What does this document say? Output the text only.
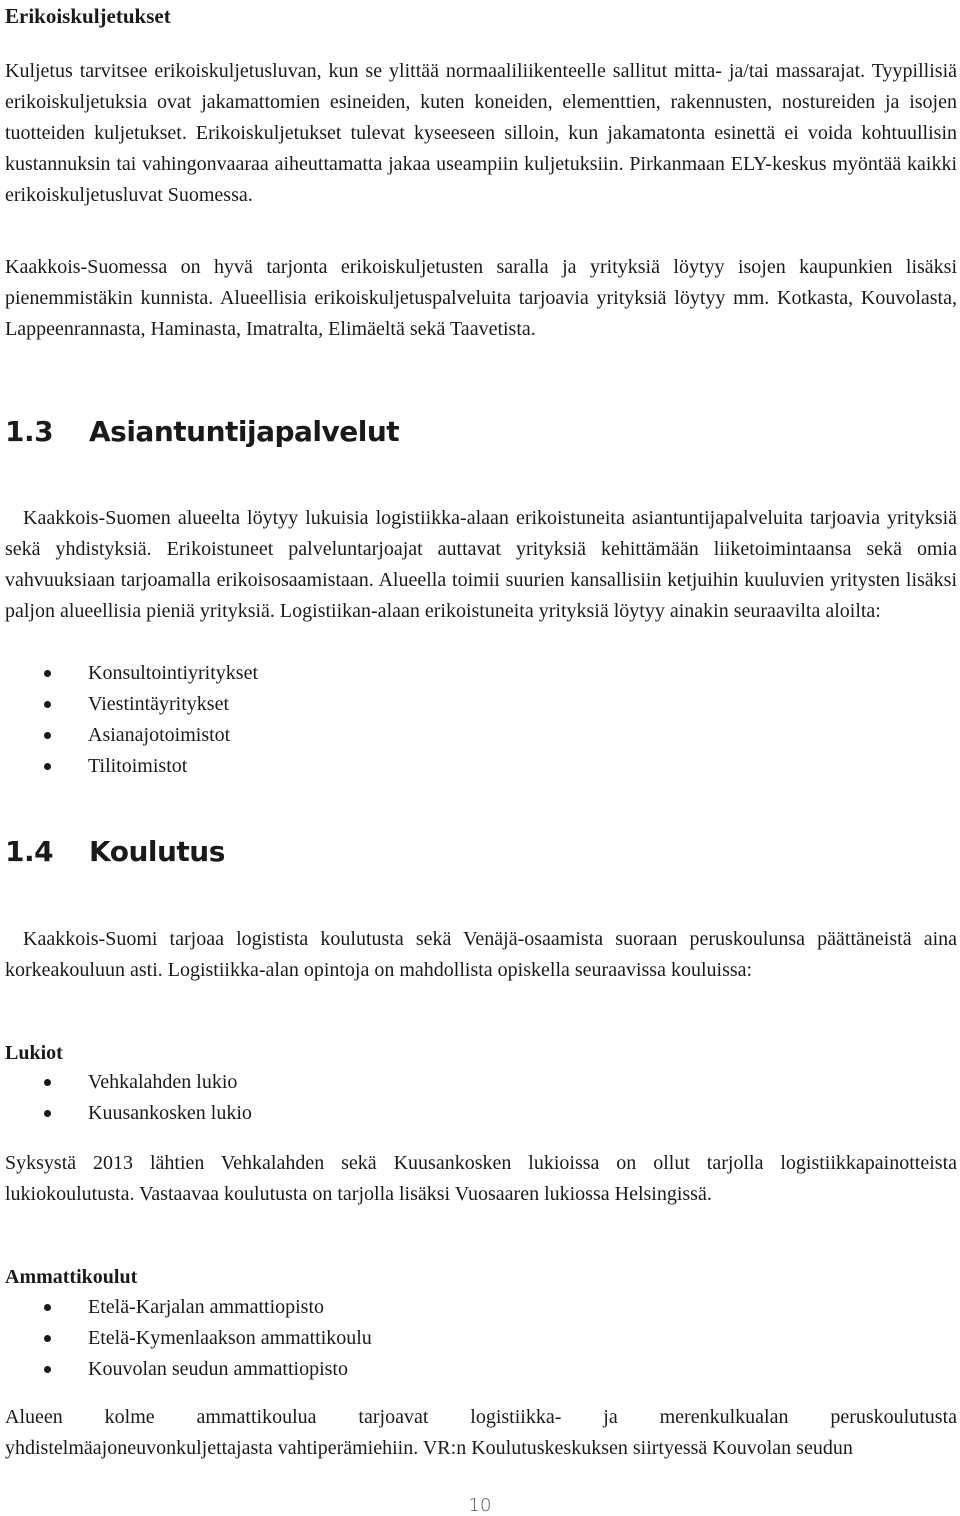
Erikoiskuljetukset

Kuljetus tarvitsee erikoiskuljetusluvan, kun se ylittää normaaliliikenteelle sallitut mitta- ja/tai massarajat. Tyypillisiä erikoiskuljetuksia ovat jakamattomien esineiden, kuten koneiden, elementtien, rakennusten, nostureiden ja isojen tuotteiden kuljetukset. Erikoiskuljetukset tulevat kyseeseen silloin, kun jakamatonta esinettä ei voida kohtuullisin kustannuksin tai vahingonvaaraa aiheuttamatta jakaa useampiin kuljetuksiin. Pirkanmaan ELY-keskus myöntää kaikki erikoiskuljetusluvat Suomessa.

Kaakkois-Suomessa on hyvä tarjonta erikoiskuljetusten saralla ja yrityksiä löytyy isojen kaupunkien lisäksi pienemmistäkin kunnista. Alueellisia erikoiskuljetuspalveluita tarjoavia yrityksiä löytyy mm. Kotkasta, Kouvolasta, Lappeenrannasta, Haminasta, Imatralta, Elimäeltä sekä Taavetista.

1.3 Asiantuntijapalvelut

Kaakkois-Suomen alueelta löytyy lukuisia logistiikka-alaan erikoistuneita asiantuntijapalveluita tarjoavia yrityksiä sekä yhdistyksiä. Erikoistuneet palveluntarjoajat auttavat yrityksiä kehittämään liiketoimintaansa sekä omia vahvuuksiaan tarjoamalla erikoisosaamistaan. Alueella toimii suurien kansallisiin ketjuihin kuuluvien yritysten lisäksi paljon alueellisia pieniä yrityksiä. Logistiikan-alaan erikoistuneita yrityksiä löytyy ainakin seuraavilta aloilta:

Konsultointiyritykset
Viestintäyritykset
Asianajotoimistot
Tilitoimistot
1.4 Koulutus

Kaakkois-Suomi tarjoaa logistista koulutusta sekä Venäjä-osaamista suoraan peruskoulunsa päättäneistä aina korkeakouluun asti. Logistiikka-alan opintoja on mahdollista opiskella seuraavissa kouluissa:

Lukiot
Vehkalahden lukio
Kuusankosken lukio

Syksystä 2013 lähtien Vehkalahden sekä Kuusankosken lukioissa on ollut tarjolla logistiikkapainotteista lukiokoulutusta. Vastaavaa koulutusta on tarjolla lisäksi Vuosaaren lukiossa Helsingissä.

Ammattikoulut
Etelä-Karjalan ammattiopisto
Etelä-Kymenlaakson ammattikoulu
Kouvolan seudun ammattiopisto

Alueen kolme ammattikoulua tarjoavat logistiikka- ja merenkulkualan peruskoulutusta yhdistelmäajoneuvonkuljettajasta vahtiperämiehiin. VR:n Koulutuskeskuksen siirtyessä Kouvolan seudun

10
